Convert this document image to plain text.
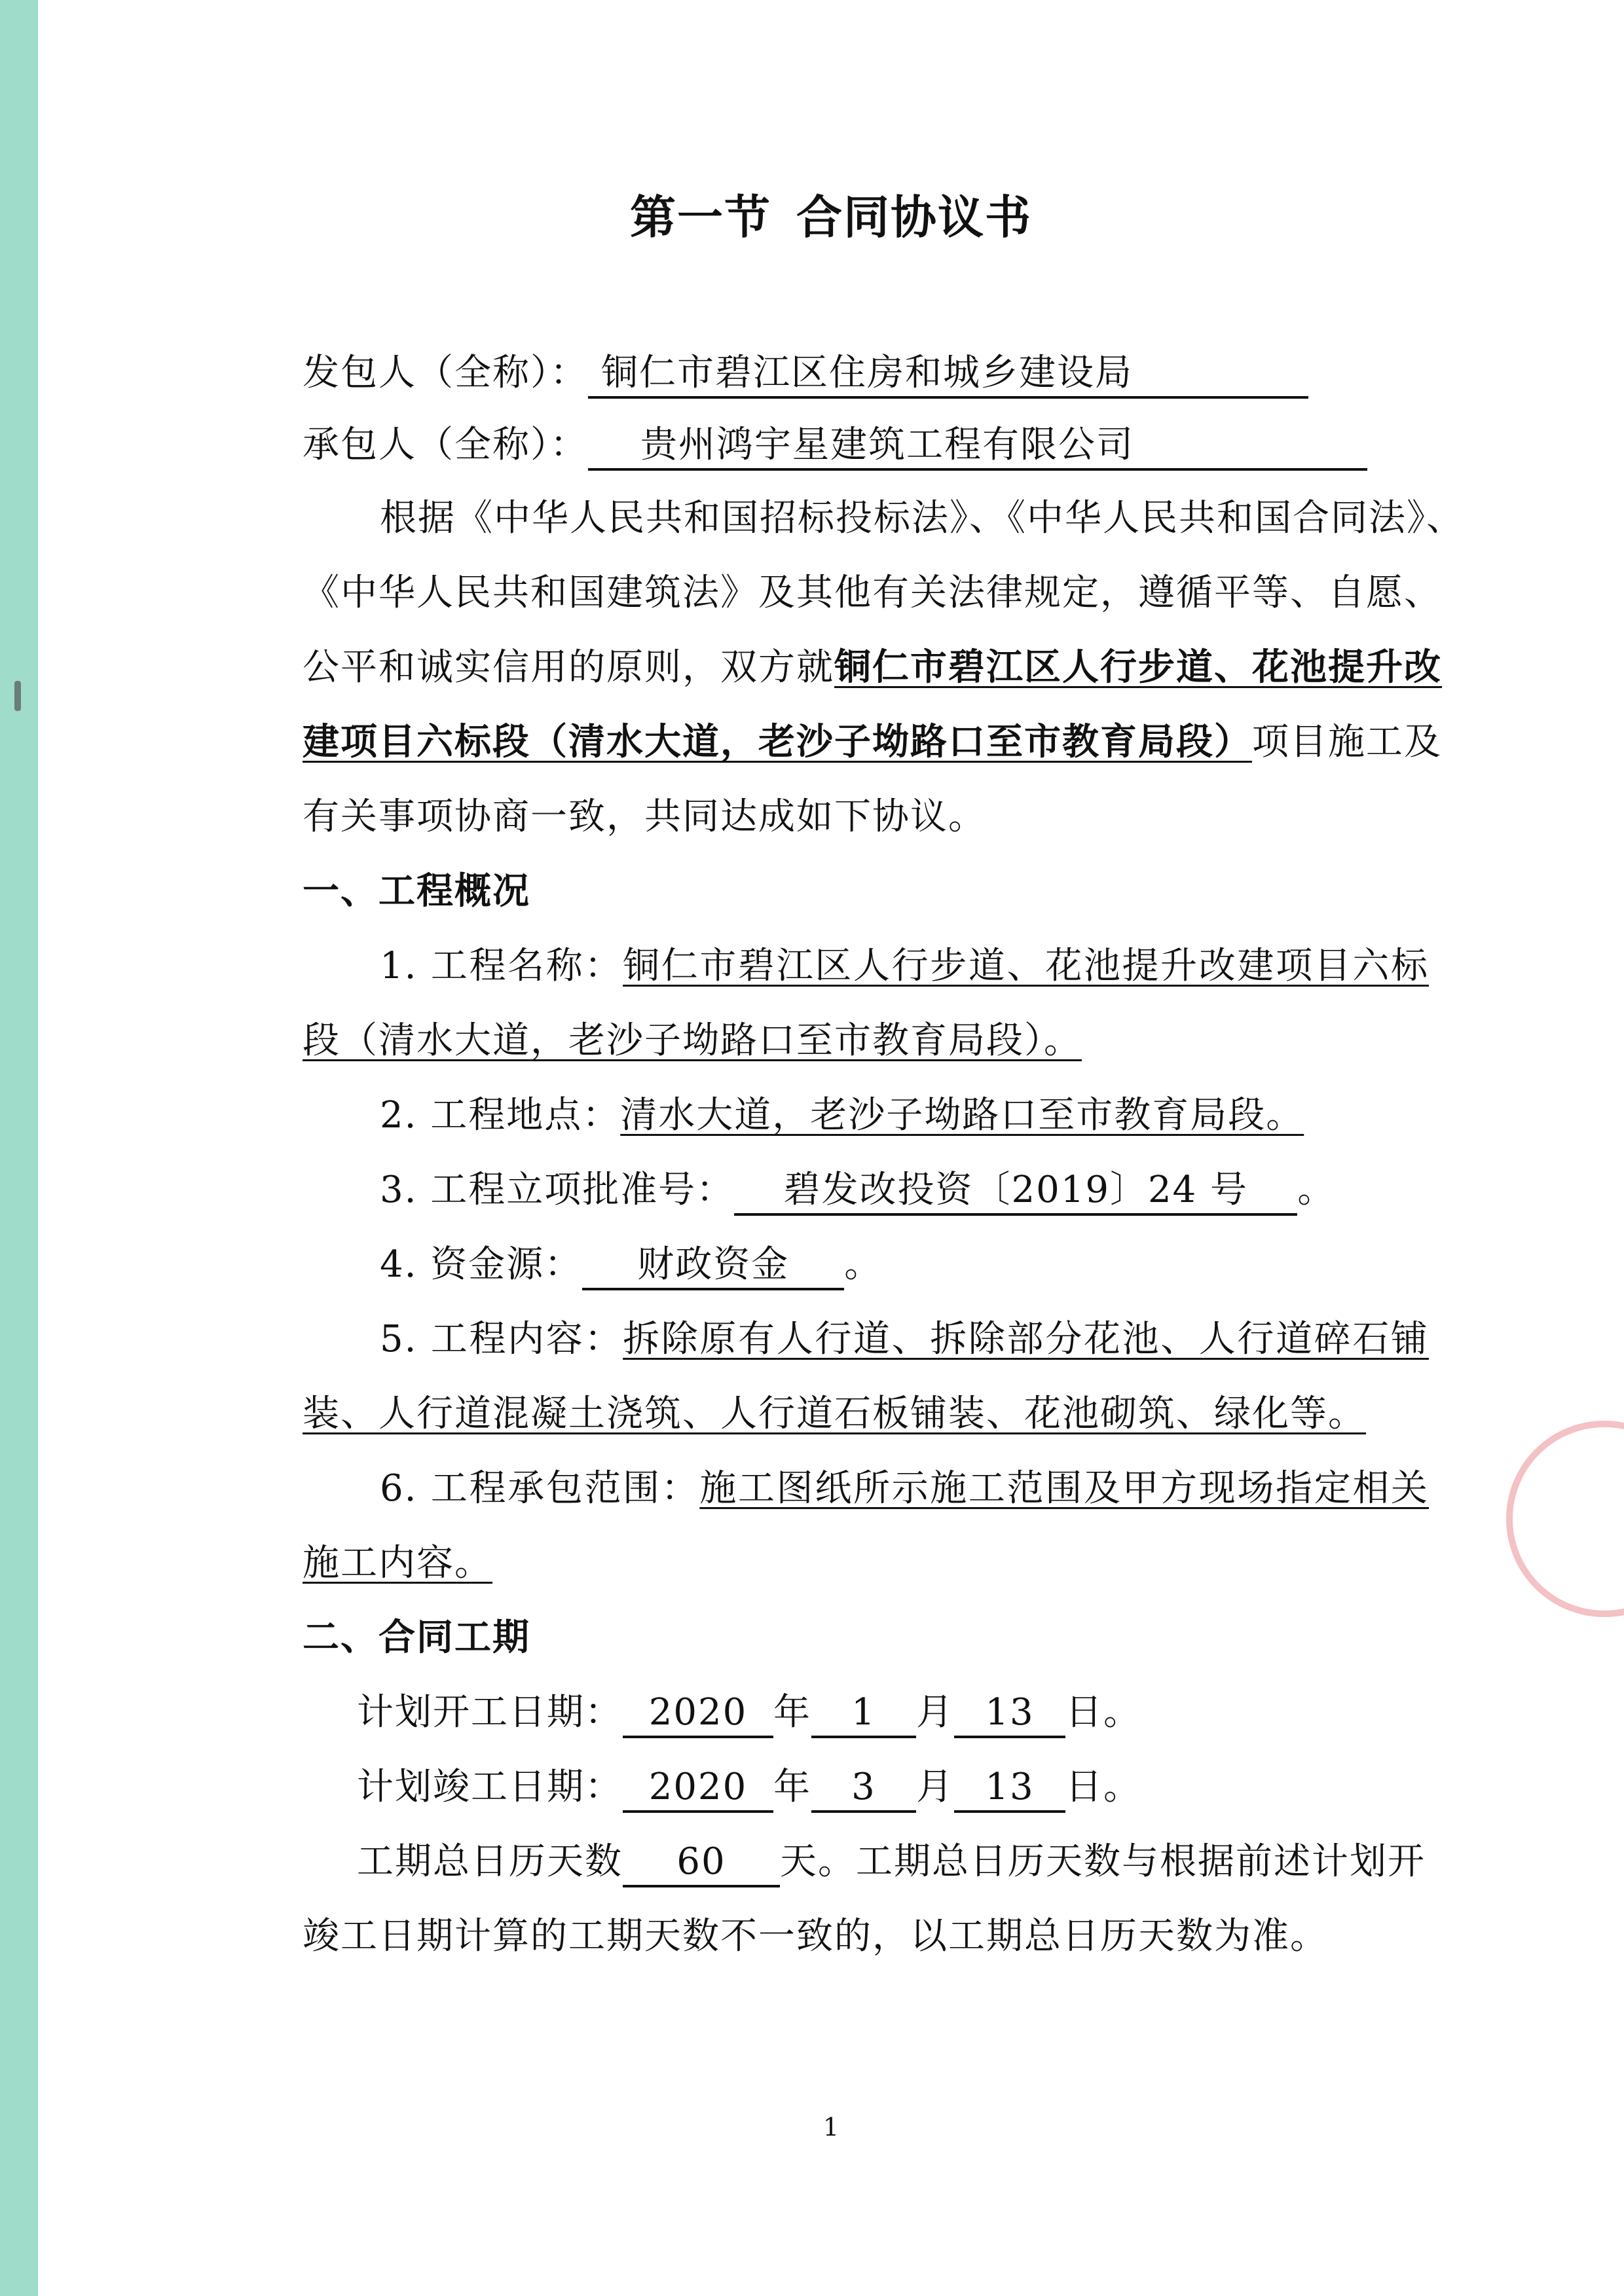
第一节 合同协议书
发包人（全称）： 铜仁市碧江区住房和城乡建设局
承包人（全称）： 贵州鸿宇星建筑工程有限公司
根据《中华人民共和国招标投标法》、《中华人民共和国合同法》、
《中华人民共和国建筑法》及其他有关法律规定，遵循平等、自愿、
公平和诚实信用的原则，双方就铜仁市碧江区人行步道、花池提升改
建项目六标段（清水大道，老沙子坳路口至市教育局段）项目施工及
有关事项协商一致，共同达成如下协议。
一、工程概况
1. 工程名称：铜仁市碧江区人行步道、花池提升改建项目六标
段（清水大道，老沙子坳路口至市教育局段）。
2. 工程地点：清水大道，老沙子坳路口至市教育局段。
3. 工程立项批准号： 碧发改投资〔2019〕24 号 。
4. 资金源： 财政资金 。
5. 工程内容：拆除原有人行道、拆除部分花池、人行道碎石铺
装、人行道混凝土浇筑、人行道石板铺装、花池砌筑、绿化等。
6. 工程承包范围：施工图纸所示施工范围及甲方现场指定相关
施工内容。
二、合同工期
计划开工日期： 2020 年 1 月 13 日。
计划竣工日期： 2020 年 3 月 13 日。
工期总日历天数 60 天。工期总日历天数与根据前述计划开
竣工日期计算的工期天数不一致的，以工期总日历天数为准。
1
